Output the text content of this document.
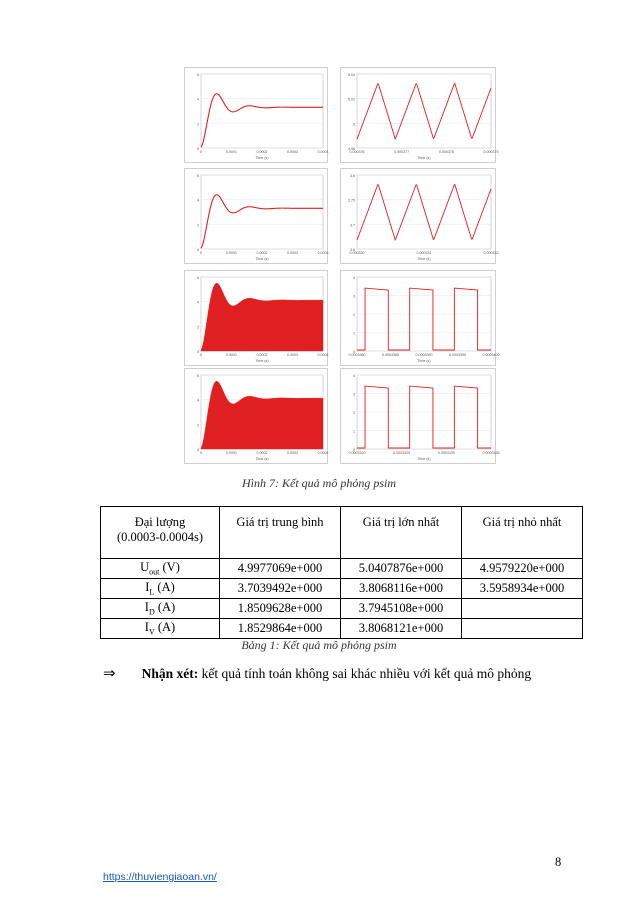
0
2
4
6
0	0.0001	0.0002	0.0003	0.0004
Time (s)
4.98
5
5.02
5.04
0.000376	0.000377	0.000378	0.000379
Time (s)
0
2
4
6
0	0.0001	0.0002	0.0003	0.0004
Time (s)
3.6
3.7
3.75
3.8
0.000330	0.000331	0.000332
Time (s)
0
2
4
6
0	0.0001	0.0002	0.0003	0.0004
Time (s)
0
1
2
3
4
0.0003380	0.0003385	0.0003390	0.0003395	0.0003400
Time (s)
0
2
4
6
0	0.0001	0.0002	0.0003	0.0004
Time (s)
0
1
2
3
4
0.0003320	0.0003325	0.0003330	0.0003335
Time (s)
Hình 7: Kết quả mô phỏng psim
Đại lượng
(0.0003-0.0004s)	Giá trị trung bình	Giá trị lớn nhất	Giá trị nhỏ nhất
$U_{out}$ (V)	4.9977069e+000	5.0407876e+000	4.9579220e+000
$I_L$ (A)	3.7039492e+000	3.8068116e+000	3.5958934e+000
$I_D$ (A)	1.8509628e+000	3.7945108e+000	
$I_V$ (A)	1.8529864e+000	3.8068121e+000	
Bảng 1: Kết quả mô phỏng psim
⇒ Nhận xét: kết quả tính toán không sai khác nhiều với kết quả mô phỏng
8
https://thuviengiaoan.vn/
